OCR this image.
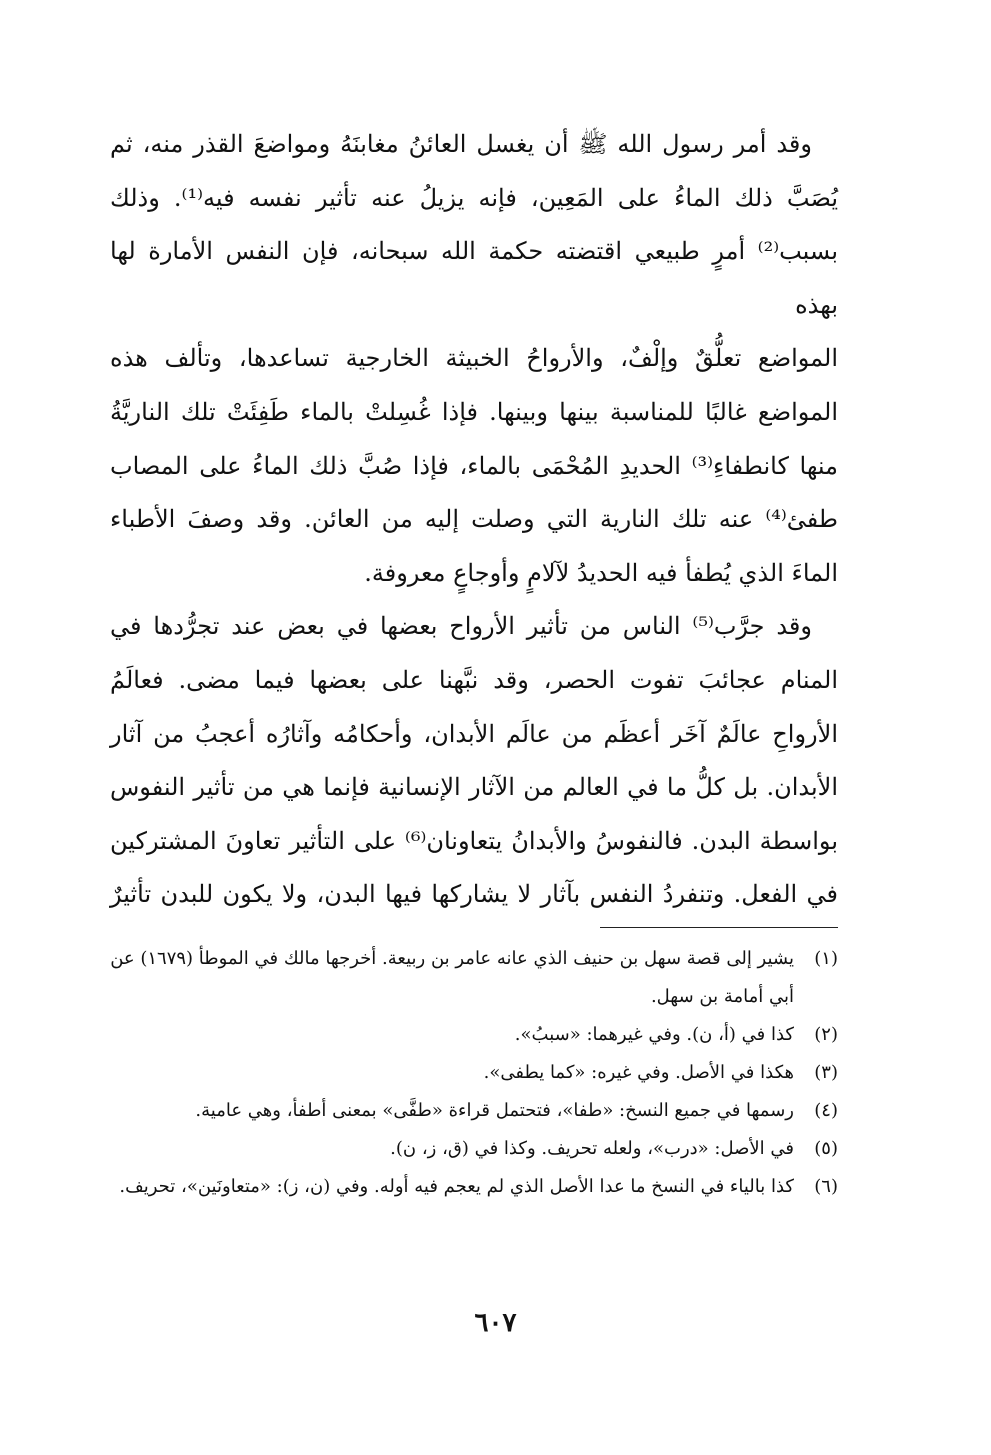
وقد أمر رسول الله ﷺ أن يغسل العائنُ مغابنَهُ ومواضعَ القذر منه، ثم

يُصَبَّ ذلك الماءُ على المَعِين، فإنه يزيلُ عنه تأثير نفسه فيه⁽¹⁾. وذلك

بسبب⁽²⁾ أمرٍ طبيعي اقتضته حكمة الله سبحانه، فإن النفس الأمارة لها بهذه

المواضع تعلُّقٌ وإلْفٌ، والأرواحُ الخبيثة الخارجية تساعدها، وتألف هذه

المواضع غالبًا للمناسبة بينها وبينها. فإذا غُسِلتْ بالماء طَفِئَتْ تلك الناريَّةُ

منها كانطفاءِ⁽³⁾ الحديدِ المُحْمَى بالماء، فإذا صُبَّ ذلك الماءُ على المصاب

طفئ⁽⁴⁾ عنه تلك النارية التي وصلت إليه من العائن. وقد وصفَ الأطباء

الماءَ الذي يُطفأ فيه الحديدُ لآلامٍ وأوجاعٍ معروفة.

وقد جرَّب⁽⁵⁾ الناس من تأثير الأرواح بعضها في بعض عند تجرُّدها في

المنام عجائبَ تفوت الحصر، وقد نبَّهنا على بعضها فيما مضى. فعالَمُ

الأرواحِ عالَمٌ آخَر أعظَم من عالَم الأبدان، وأحكامُه وآثارُه أعجبُ من آثار

الأبدان. بل كلُّ ما في العالم من الآثار الإنسانية فإنما هي من تأثير النفوس

بواسطة البدن. فالنفوسُ والأبدانُ يتعاونان⁽⁶⁾ على التأثير تعاونَ المشتركين

في الفعل. وتنفردُ النفس بآثار لا يشاركها فيها البدن، ولا يكون للبدن تأثيرٌ

(١)
يشير إلى قصة سهل بن حنيف الذي عانه عامر بن ربيعة. أخرجها مالك في الموطأ (١٦٧٩) عن أبي أمامة بن سهل.
(٢)
كذا في (أ، ن). وفي غيرهما: «سببُ».
(٣)
هكذا في الأصل. وفي غيره: «كما يطفى».
(٤)
رسمها في جميع النسخ: «طفا»، فتحتمل قراءة «طفَّى» بمعنى أطفأ، وهي عامية.
(٥)
في الأصل: «درب»، ولعله تحريف. وكذا في (ق، ز، ن).
(٦)
كذا بالياء في النسخ ما عدا الأصل الذي لم يعجم فيه أوله. وفي (ن، ز): «متعاونَين»، تحريف.
٦٠٧
